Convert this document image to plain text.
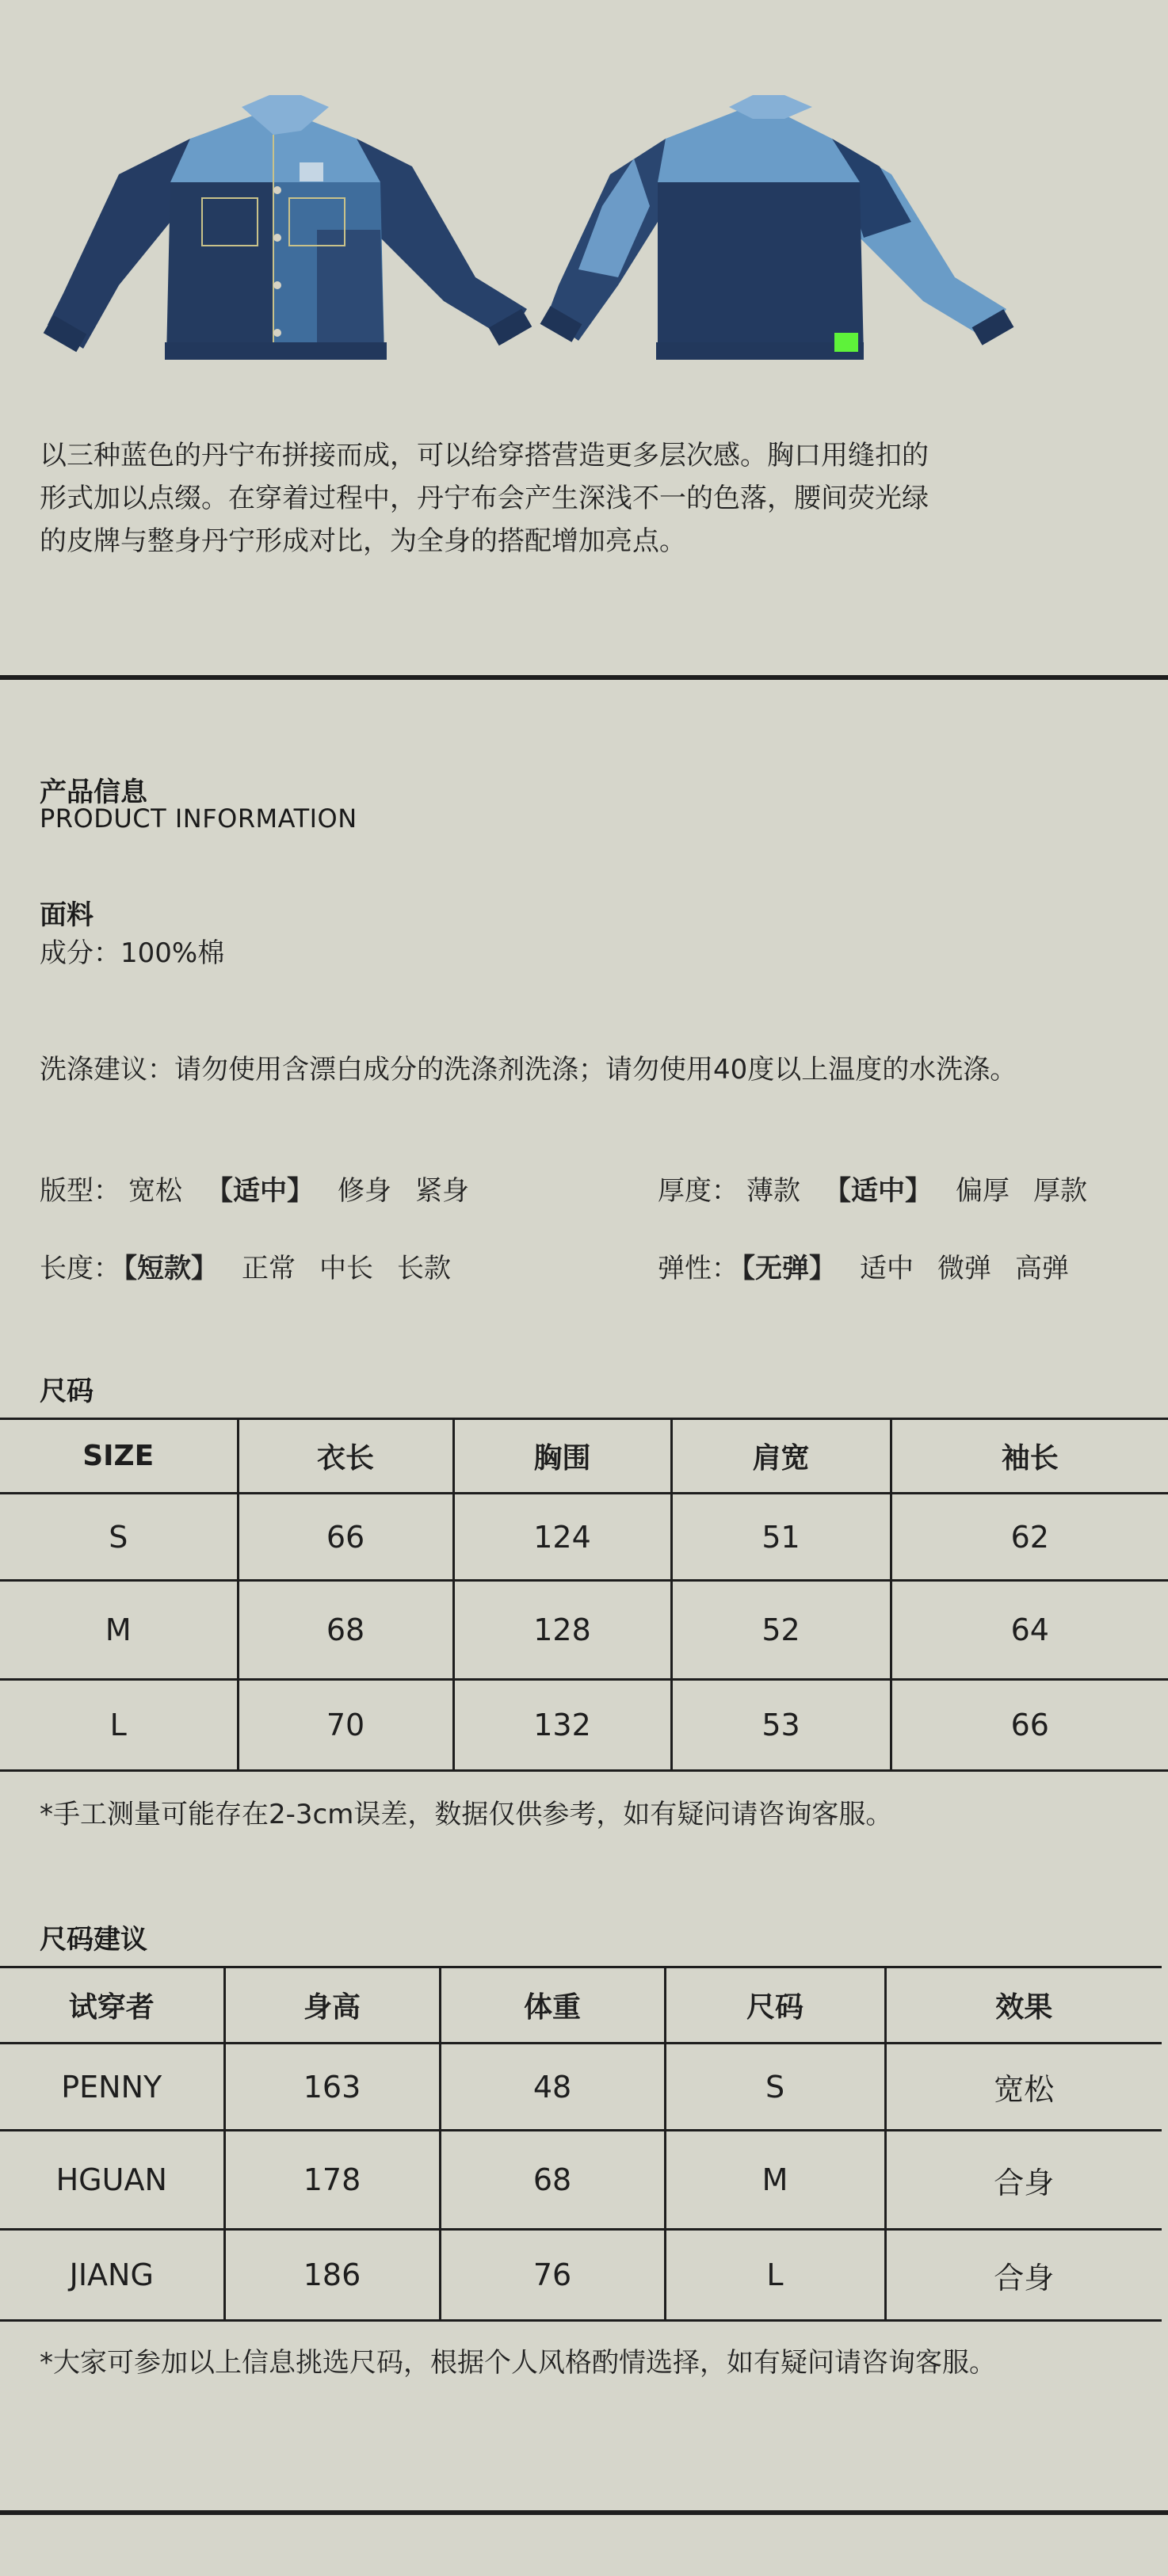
以三种蓝色的丹宁布拼接而成，可以给穿搭营造更多层次感。胸口用缝扣的
形式加以点缀。在穿着过程中，丹宁布会产生深浅不一的色落，腰间荧光绿
的皮牌与整身丹宁形成对比，为全身的搭配增加亮点。
产品信息
PRODUCT INFORMATION
面料
成分：100%棉
洗涤建议：请勿使用含漂白成分的洗涤剂洗涤；请勿使用40度以上温度的水洗涤。
版型： 宽松 【适中】 修身 紧身	厚度： 薄款 【适中】 偏厚 厚款
长度： 【短款】 正常 中长 长款	弹性： 【无弹】 适中 微弹 高弹
尺码
SIZE	衣长	胸围	肩宽	袖长
S	66	124	51	62
M	68	128	52	64
L	70	132	53	66
*手工测量可能存在2-3cm误差，数据仅供参考，如有疑问请咨询客服。
尺码建议
试穿者	身高	体重	尺码	效果
PENNY	163	48	S	宽松
HGUAN	178	68	M	合身
JIANG	186	76	L	合身
*大家可参加以上信息挑选尺码，根据个人风格酌情选择，如有疑问请咨询客服。
